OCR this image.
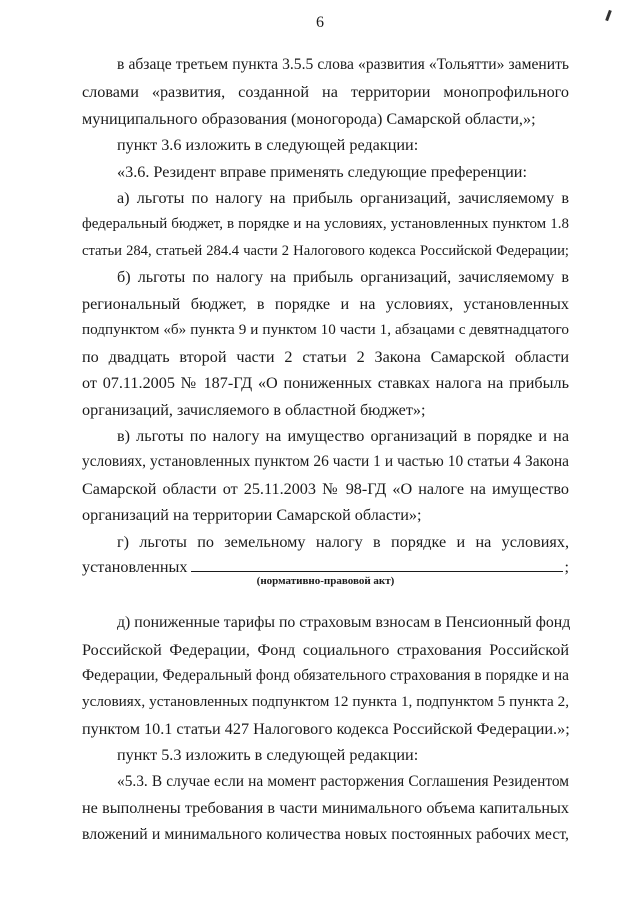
6
в абзаце третьем пункта 3.5.5 слова «развития «Тольятти» заменить
словами «развития, созданной на территории монопрофильного
муниципального образования (моногорода) Самарской области,»;
пункт 3.6 изложить в следующей редакции:
«3.6. Резидент вправе применять следующие преференции:
а) льготы по налогу на прибыль организаций, зачисляемому в
федеральный бюджет, в порядке и на условиях, установленных пунктом 1.8
статьи 284, статьей 284.4 части 2 Налогового кодекса Российской Федерации;
б) льготы по налогу на прибыль организаций, зачисляемому в
региональный бюджет, в порядке и на условиях, установленных
подпунктом «б» пункта 9 и пунктом 10 части 1, абзацами с девятнадцатого
по двадцать второй части 2 статьи 2 Закона Самарской области
от 07.11.2005 № 187-ГД «О пониженных ставках налога на прибыль
организаций, зачисляемого в областной бюджет»;
в) льготы по налогу на имущество организаций в порядке и на
условиях, установленных пунктом 26 части 1 и частью 10 статьи 4 Закона
Самарской области от 25.11.2003 № 98-ГД «О налоге на имущество
организаций на территории Самарской области»;
г) льготы по земельному налогу в порядке и на условиях,
установленных	;
(нормативно-правовой акт)
д) пониженные тарифы по страховым взносам в Пенсионный фонд
Российской Федерации, Фонд социального страхования Российской
Федерации, Федеральный фонд обязательного страхования в порядке и на
условиях, установленных подпунктом 12 пункта 1, подпунктом 5 пункта 2,
пунктом 10.1 статьи 427 Налогового кодекса Российской Федерации.»;
пункт 5.3 изложить в следующей редакции:
«5.3. В случае если на момент расторжения Соглашения Резидентом
не выполнены требования в части минимального объема капитальных
вложений и минимального количества новых постоянных рабочих мест,
